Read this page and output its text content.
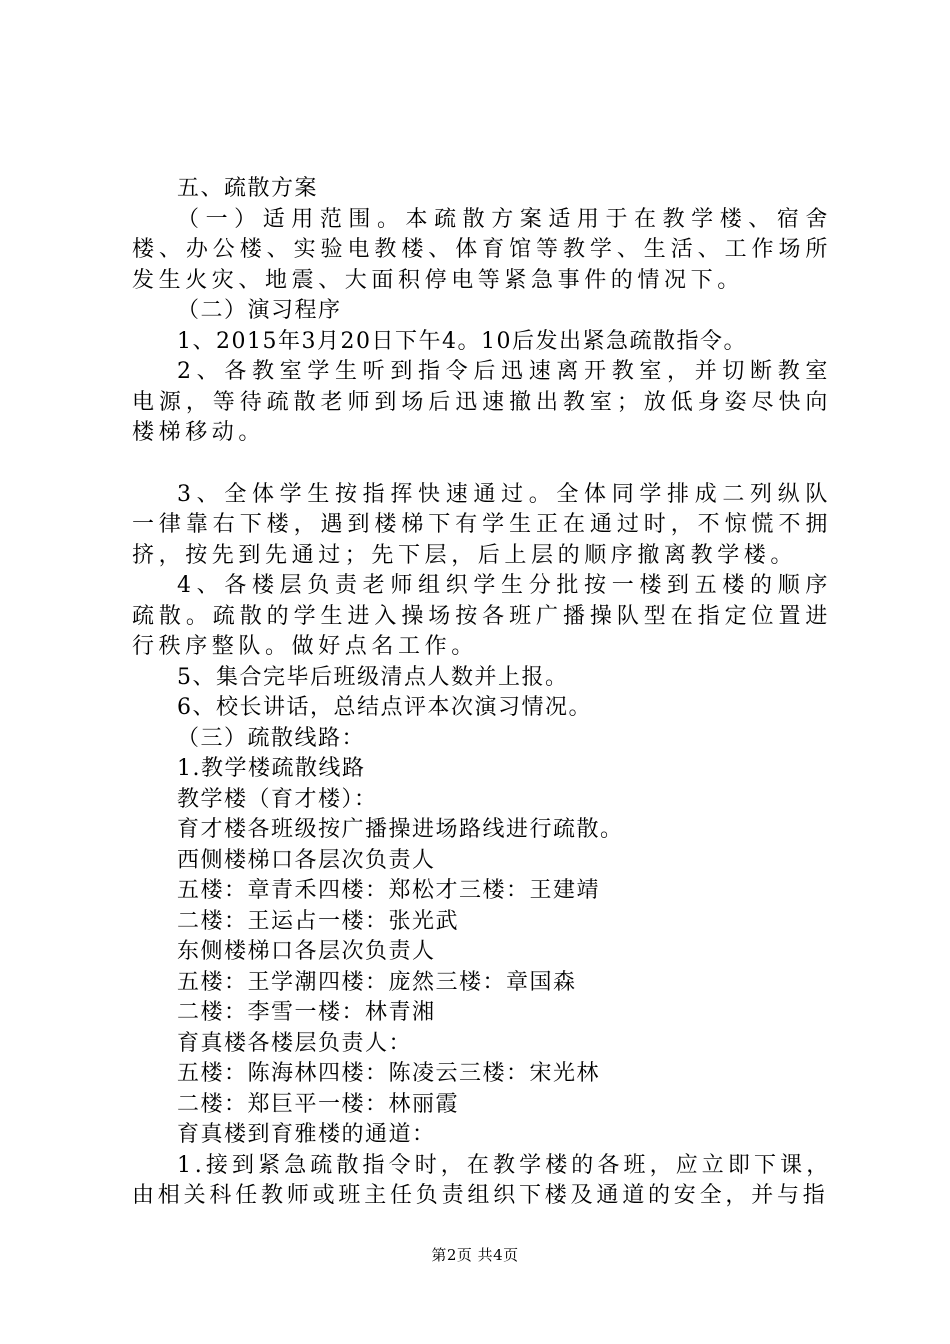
五、疏散方案

（一）适用范围。本疏散方案适用于在教学楼、宿舍楼、办公楼、实验电教楼、体育馆等教学、生活、工作场所发生火灾、地震、大面积停电等紧急事件的情况下。

（二）演习程序

1、2015年3月20日下午4。10后发出紧急疏散指令。

2、各教室学生听到指令后迅速离开教室，并切断教室电源，等待疏散老师到场后迅速撤出教室；放低身姿尽快向楼梯移动。

3、全体学生按指挥快速通过。全体同学排成二列纵队一律靠右下楼，遇到楼梯下有学生正在通过时，不惊慌不拥挤，按先到先通过；先下层，后上层的顺序撤离教学楼。

4、各楼层负责老师组织学生分批按一楼到五楼的顺序疏散。疏散的学生进入操场按各班广播操队型在指定位置进行秩序整队。做好点名工作。

5、集合完毕后班级清点人数并上报。

6、校长讲话，总结点评本次演习情况。

（三）疏散线路：

1.教学楼疏散线路

教学楼（育才楼）：

育才楼各班级按广播操进场路线进行疏散。

西侧楼梯口各层次负责人

五楼：章青禾四楼：郑松才三楼：王建靖

二楼：王运占一楼：张光武

东侧楼梯口各层次负责人

五楼：王学潮四楼：庞然三楼：章国森

二楼：李雪一楼：林青湘

育真楼各楼层负责人：

五楼：陈海林四楼：陈凌云三楼：宋光林

二楼：郑巨平一楼：林丽霞

育真楼到育雅楼的通道：

1.接到紧急疏散指令时，在教学楼的各班，应立即下课，由相关科任教师或班主任负责组织下楼及通道的安全，并与指

第2页 共4页
